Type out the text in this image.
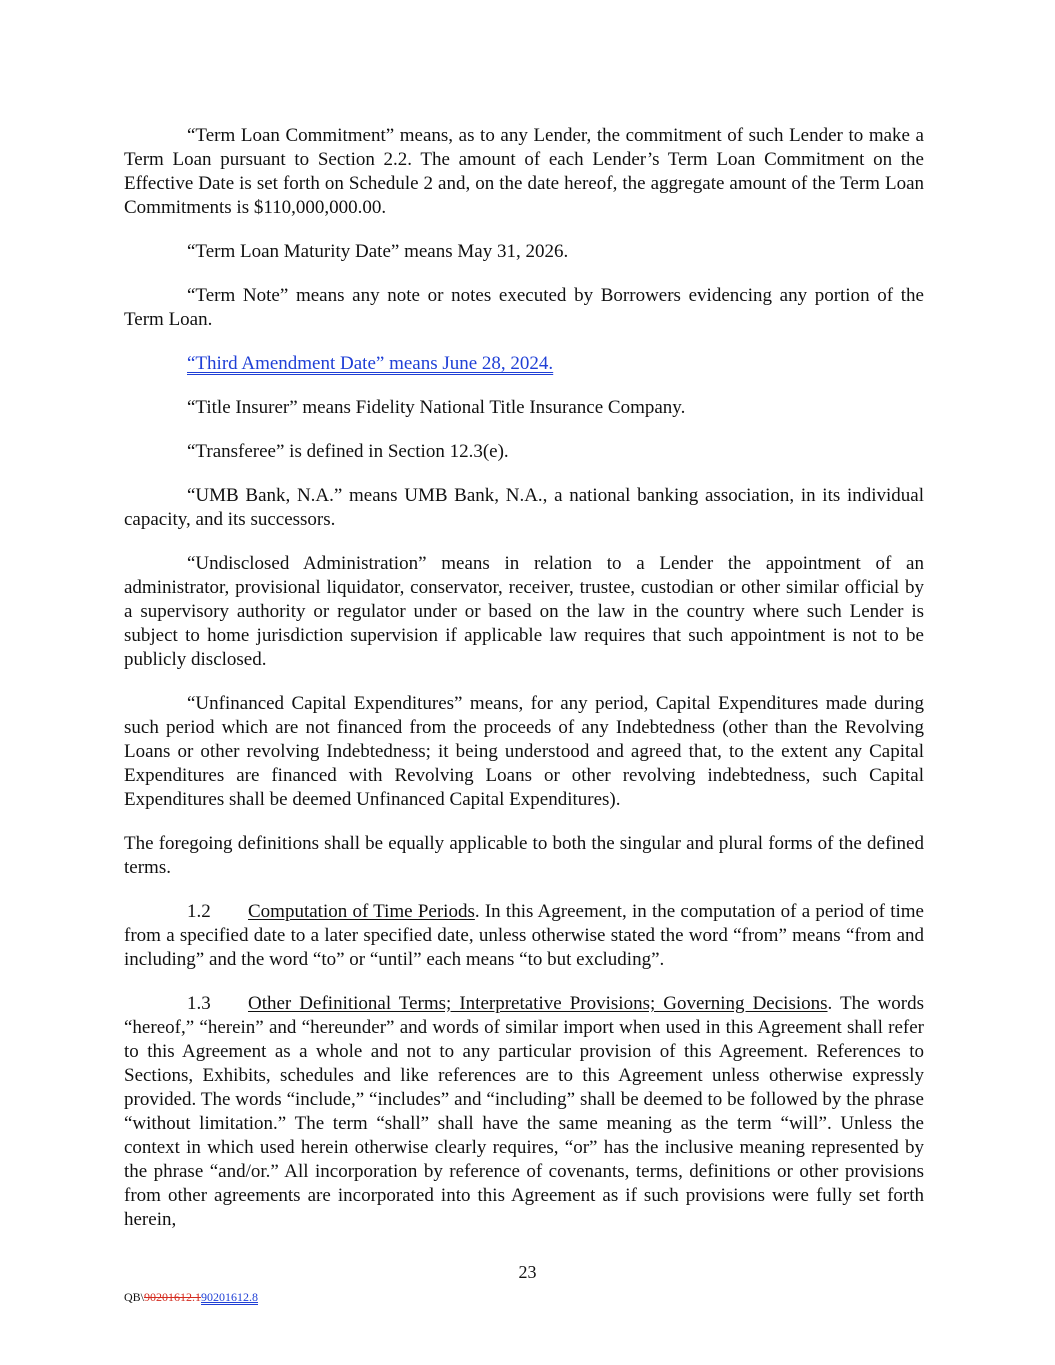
“Term Loan Commitment” means, as to any Lender, the commitment of such Lender to make a Term Loan pursuant to Section 2.2. The amount of each Lender’s Term Loan Commitment on the Effective Date is set forth on Schedule 2 and, on the date hereof, the aggregate amount of the Term Loan Commitments is $110,000,000.00.

“Term Loan Maturity Date” means May 31, 2026.

“Term Note” means any note or notes executed by Borrowers evidencing any portion of the Term Loan.

“Third Amendment Date” means June 28, 2024.

“Title Insurer” means Fidelity National Title Insurance Company.

“Transferee” is defined in Section 12.3(e).

“UMB Bank, N.A.” means UMB Bank, N.A., a national banking association, in its individual capacity, and its successors.

“Undisclosed Administration” means in relation to a Lender the appointment of an administrator, provisional liquidator, conservator, receiver, trustee, custodian or other similar official by a supervisory authority or regulator under or based on the law in the country where such Lender is subject to home jurisdiction supervision if applicable law requires that such appointment is not to be publicly disclosed.

“Unfinanced Capital Expenditures” means, for any period, Capital Expenditures made during such period which are not financed from the proceeds of any Indebtedness (other than the Revolving Loans or other revolving Indebtedness; it being understood and agreed that, to the extent any Capital Expenditures are financed with Revolving Loans or other revolving indebtedness, such Capital Expenditures shall be deemed Unfinanced Capital Expenditures).

The foregoing definitions shall be equally applicable to both the singular and plural forms of the defined terms.

1.2 Computation of Time Periods. In this Agreement, in the computation of a period of time from a specified date to a later specified date, unless otherwise stated the word “from” means “from and including” and the word “to” or “until” each means “to but excluding”.

1.3 Other Definitional Terms; Interpretative Provisions; Governing Decisions. The words “hereof,” “herein” and “hereunder” and words of similar import when used in this Agreement shall refer to this Agreement as a whole and not to any particular provision of this Agreement. References to Sections, Exhibits, schedules and like references are to this Agreement unless otherwise expressly provided. The words “include,” “includes” and “including” shall be deemed to be followed by the phrase “without limitation.” The term “shall” shall have the same meaning as the term “will”. Unless the context in which used herein otherwise clearly requires, “or” has the inclusive meaning represented by the phrase “and/or.” All incorporation by reference of covenants, terms, definitions or other provisions from other agreements are incorporated into this Agreement as if such provisions were fully set forth herein,

23
QB\90201612.190201612.8
